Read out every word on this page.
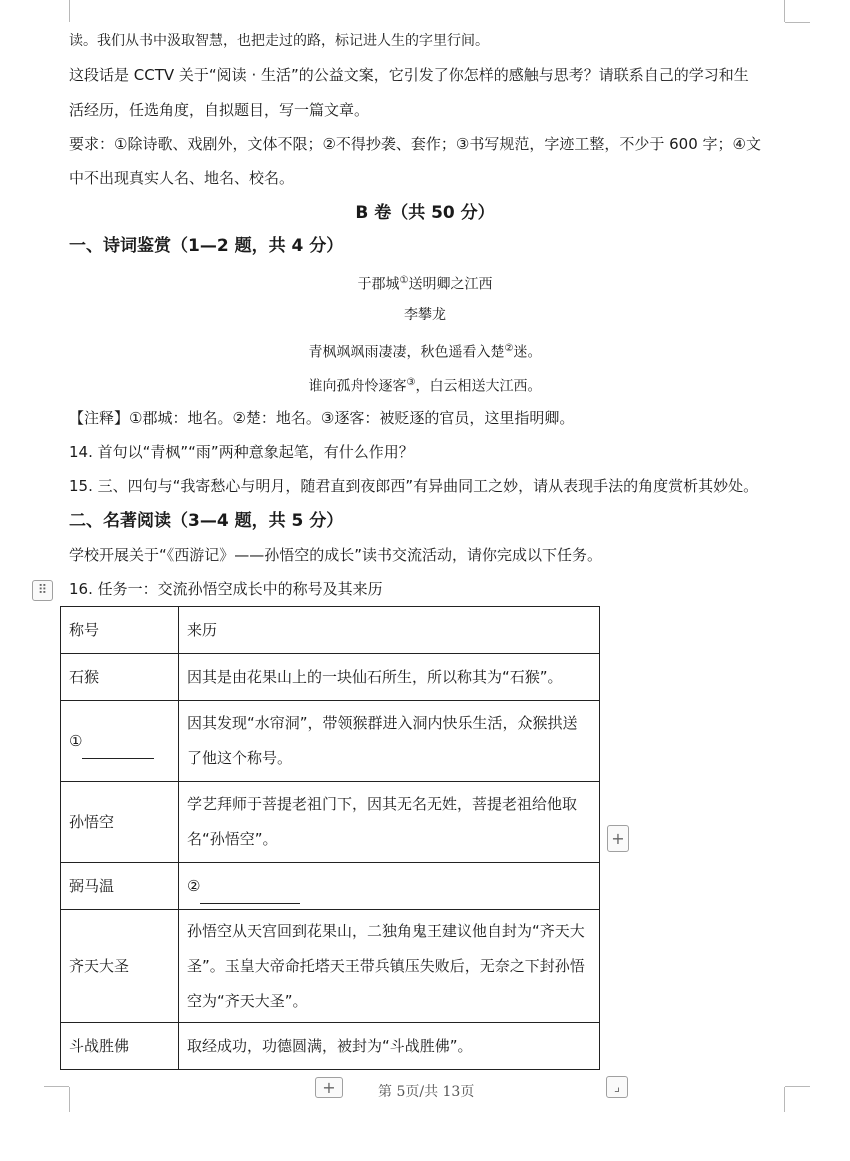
读。我们从书中汲取智慧，也把走过的路，标记进人生的字里行间。
这段话是 CCTV 关于“阅读 · 生活”的公益文案，它引发了你怎样的感触与思考？请联系自己的学习和生
活经历，任选角度，自拟题目，写一篇文章。
要求：①除诗歌、戏剧外，文体不限；②不得抄袭、套作；③书写规范，字迹工整，不少于 600 字；④文
中不出现真实人名、地名、校名。
B 卷（共 50 分）
一、诗词鉴赏（1—2 题，共 4 分）
于郡城①送明卿之江西
李攀龙
青枫飒飒雨凄凄，秋色遥看入楚②迷。
谁向孤舟怜逐客③，白云相送大江西。
【注释】①郡城：地名。②楚：地名。③逐客：被贬逐的官员，这里指明卿。
14. 首句以“青枫”“雨”两种意象起笔，有什么作用？
15. 三、四句与“我寄愁心与明月，随君直到夜郎西”有异曲同工之妙，请从表现手法的角度赏析其妙处。
二、名著阅读（3—4 题，共 5 分）
学校开展关于“《西游记》——孙悟空的成长”读书交流活动，请你完成以下任务。
⠿	16. 任务一：交流孙悟空成长中的称号及其来历
称号	来历
石猴	因其是由花果山上的一块仙石所生，所以称其为“石猴”。
①	因其发现“水帘洞”，带领猴群进入洞内快乐生活，众猴拱送了他这个称号。
孙悟空	学艺拜师于菩提老祖门下，因其无名无姓，菩提老祖给他取名“孙悟空”。
弼马温	②
齐天大圣	孙悟空从天宫回到花果山，二独角鬼王建议他自封为“齐天大圣”。玉皇大帝命托塔天王带兵镇压失败后，无奈之下封孙悟空为“齐天大圣”。
斗战胜佛	取经成功，功德圆满，被封为“斗战胜佛”。
+
+	⌟
第 5页/共 13页
